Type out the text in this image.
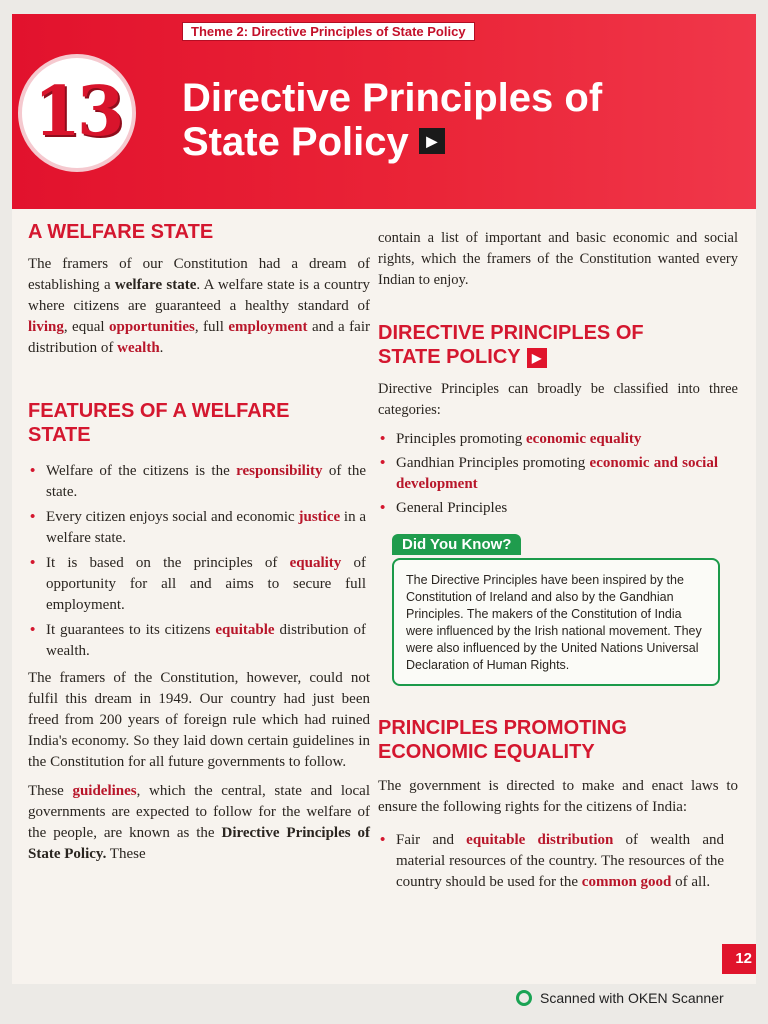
Theme 2: Directive Principles of State Policy
13 Directive Principles of
State Policy ▶
A WELFARE STATE

The framers of our Constitution had a dream of establishing a welfare state. A welfare state is a country where citizens are guaranteed a healthy standard of living, equal opportunities, full employment and a fair distribution of wealth.

FEATURES OF A WELFARE
STATE
• Welfare of the citizens is the responsibility of the state.
• Every citizen enjoys social and economic justice in a welfare state.
• It is based on the principles of equality of opportunity for all and aims to secure full employment.
• It guarantees to its citizens equitable distribution of wealth.

The framers of the Constitution, however, could not fulfil this dream in 1949. Our country had just been freed from 200 years of foreign rule which had ruined India's economy. So they laid down certain guidelines in the Constitution for all future governments to follow.

These guidelines, which the central, state and local governments are expected to follow for the welfare of the people, are known as the Directive Principles of State Policy. These

contain a list of important and basic economic and social rights, which the framers of the Constitution wanted every Indian to enjoy.

DIRECTIVE PRINCIPLES OF
STATE POLICY ▶

Directive Principles can broadly be classified into three categories:

• Principles promoting economic equality
• Gandhian Principles promoting economic and social development
• General Principles
Did You Know?

The Directive Principles have been inspired by the Constitution of Ireland and also by the Gandhian Principles. The makers of the Constitution of India were influenced by the Irish national movement. They were also influenced by the United Nations Universal Declaration of Human Rights.

PRINCIPLES PROMOTING
ECONOMIC EQUALITY

The government is directed to make and enact laws to ensure the following rights for the citizens of India:

• Fair and equitable distribution of wealth and material resources of the country. The resources of the country should be used for the common good of all.
12
Scanned with OKEN Scanner
